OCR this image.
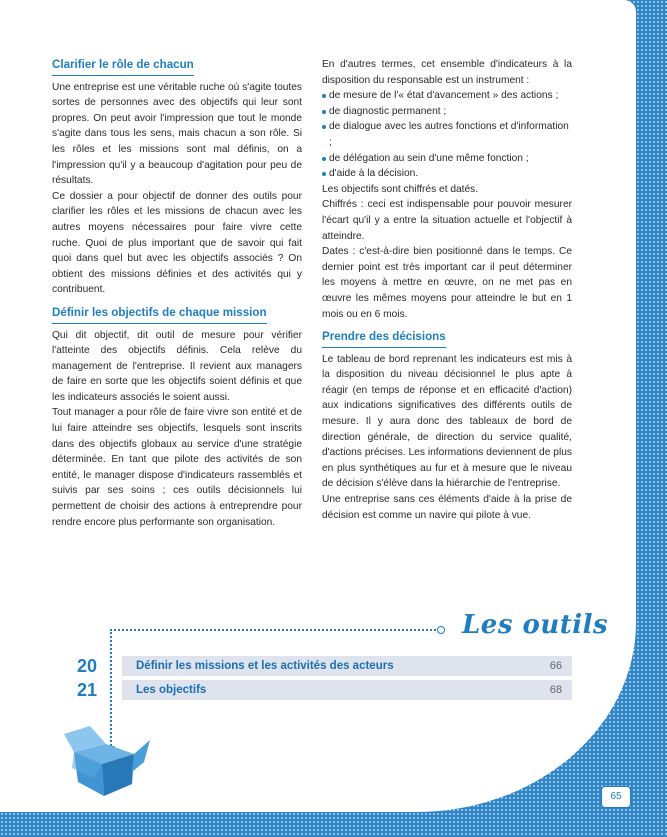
Clarifier le rôle de chacun

Une entreprise est une véritable ruche où s'agite toutes sortes de personnes avec des objectifs qui leur sont propres. On peut avoir l'impression que tout le monde s'agite dans tous les sens, mais chacun a son rôle. Si les rôles et les missions sont mal définis, on a l'impression qu'il y a beaucoup d'agitation pour peu de résultats.

Ce dossier a pour objectif de donner des outils pour clarifier les rôles et les missions de chacun avec les autres moyens nécessaires pour faire vivre cette ruche. Quoi de plus important que de savoir qui fait quoi dans quel but avec les objectifs associés ? On obtient des missions définies et des activités qui y contribuent.

Définir les objectifs de chaque mission

Qui dit objectif, dit outil de mesure pour vérifier l'atteinte des objectifs définis. Cela relève du management de l'entreprise. Il revient aux managers de faire en sorte que les objectifs soient définis et que les indicateurs associés le soient aussi.

Tout manager a pour rôle de faire vivre son entité et de lui faire atteindre ses objectifs, lesquels sont inscrits dans des objectifs globaux au service d'une stratégie déterminée. En tant que pilote des activités de son entité, le manager dispose d'indicateurs rassemblés et suivis par ses soins ; ces outils décisionnels lui permettent de choisir des actions à entreprendre pour rendre encore plus performante son organisation.

En d'autres termes, cet ensemble d'indicateurs à la disposition du responsable est un instrument :

de mesure de l'« état d'avancement » des actions ;
de diagnostic permanent ;
de dialogue avec les autres fonctions et d'information ;
de délégation au sein d'une même fonction ;
d'aide à la décision.

Les objectifs sont chiffrés et datés.

Chiffrés : ceci est indispensable pour pouvoir mesurer l'écart qu'il y a entre la situation actuelle et l'objectif à atteindre.

Dates : c'est-à-dire bien positionné dans le temps. Ce dernier point est très important car il peut déterminer les moyens à mettre en œuvre, on ne met pas en œuvre les mêmes moyens pour atteindre le but en 1 mois ou en 6 mois.

Prendre des décisions

Le tableau de bord reprenant les indicateurs est mis à la disposition du niveau décisionnel le plus apte à réagir (en temps de réponse et en efficacité d'action) aux indications significatives des différents outils de mesure. Il y aura donc des tableaux de bord de direction générale, de direction du service qualité, d'actions précises. Les informations deviennent de plus en plus synthétiques au fur et à mesure que le niveau de décision s'élève dans la hiérarchie de l'entreprise.

Une entreprise sans ces éléments d'aide à la prise de décision est comme un navire qui pilote à vue.

Les outils
20	Définir les missions et les activités des acteurs	66
21	Les objectifs	68
65
